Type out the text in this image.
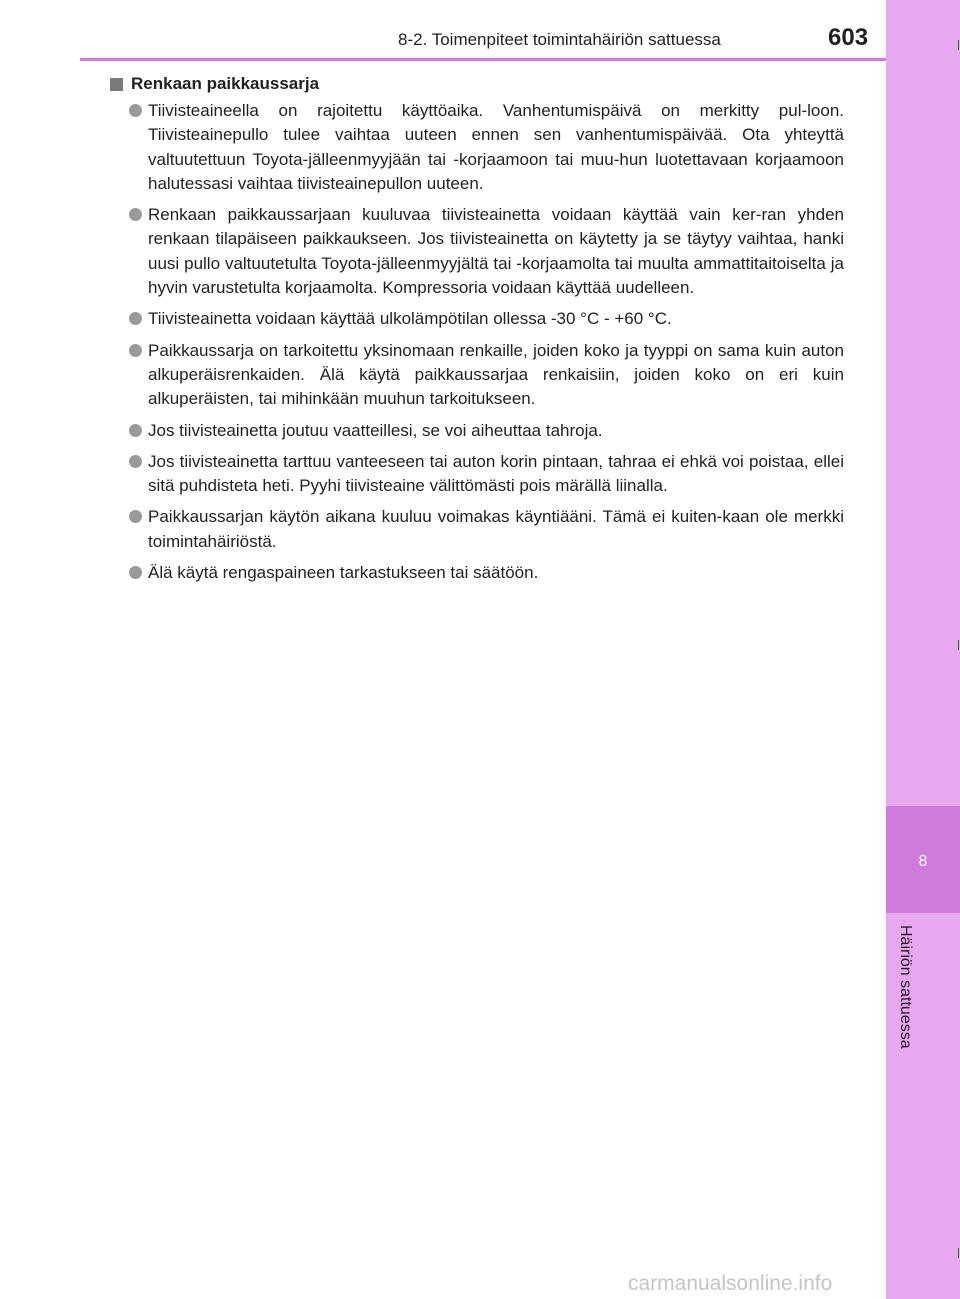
8
Häiriön sattuessa
8-2. Toimenpiteet toimintahäiriön sattuessa	603
Renkaan paikkaussarja
Tiivisteaineella on rajoitettu käyttöaika. Vanhentumispäivä on merkitty pul-loon. Tiivisteainepullo tulee vaihtaa uuteen ennen sen vanhentumispäivää. Ota yhteyttä valtuutettuun Toyota-jälleenmyyjään tai -korjaamoon tai muu-hun luotettavaan korjaamoon halutessasi vaihtaa tiivisteainepullon uuteen.
Renkaan paikkaussarjaan kuuluvaa tiivisteainetta voidaan käyttää vain ker-ran yhden renkaan tilapäiseen paikkaukseen. Jos tiivisteainetta on käytetty ja se täytyy vaihtaa, hanki uusi pullo valtuutetulta Toyota-jälleenmyyjältä tai -korjaamolta tai muulta ammattitaitoiselta ja hyvin varustetulta korjaamolta. Kompressoria voidaan käyttää uudelleen.
Tiivisteainetta voidaan käyttää ulkolämpötilan ollessa -30 °C - +60 °C.
Paikkaussarja on tarkoitettu yksinomaan renkaille, joiden koko ja tyyppi on sama kuin auton alkuperäisrenkaiden. Älä käytä paikkaussarjaa renkaisiin, joiden koko on eri kuin alkuperäisten, tai mihinkään muuhun tarkoitukseen.
Jos tiivisteainetta joutuu vaatteillesi, se voi aiheuttaa tahroja.
Jos tiivisteainetta tarttuu vanteeseen tai auton korin pintaan, tahraa ei ehkä voi poistaa, ellei sitä puhdisteta heti. Pyyhi tiivisteaine välittömästi pois märällä liinalla.
Paikkaussarjan käytön aikana kuuluu voimakas käyntiääni. Tämä ei kuiten-kaan ole merkki toimintahäiriöstä.
Älä käytä rengaspaineen tarkastukseen tai säätöön.
carmanualsonline.info
